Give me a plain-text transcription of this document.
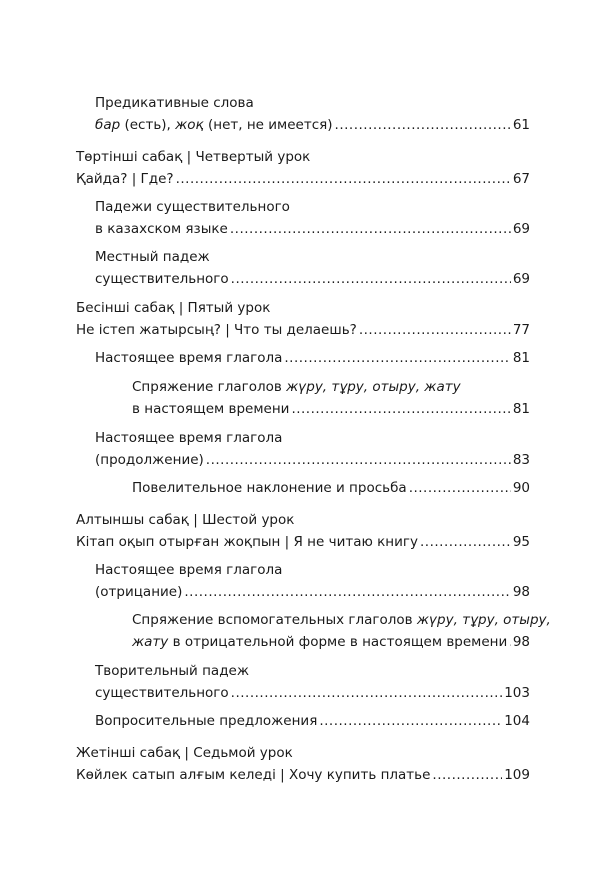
Предикативные слова
бар (есть), жоқ (нет, не имеется) .....	61
Төртінші сабақ | Четвертый урок
Қайда? | Где? .....	67
Падежи существительного
в казахском языке .....	69
Местный падеж
существительного .....	69
Бесінші сабақ | Пятый урок
Не істеп жатырсың? | Что ты делаешь? .....	77
Настоящее время глагола .....	81
Спряжение глаголов жүру, тұру, отыру, жату
в настоящем времени .....	81
Настоящее время глагола
(продолжение) .....	83
Повелительное наклонение и просьба .....	90
Алтыншы сабақ | Шестой урок
Кітап оқып отырған жоқпын | Я не читаю книгу .....	95
Настоящее время глагола
(отрицание) .....	98
Спряжение вспомогательных глаголов жүру, тұру, отыру,
жату в отрицательной форме в настоящем времени ..... 98
Творительный падеж
существительного .....	103
Вопросительные предложения .....	104
Жетінші сабақ | Седьмой урок
Көйлек сатып алғым келеді | Хочу купить платье .....	109
